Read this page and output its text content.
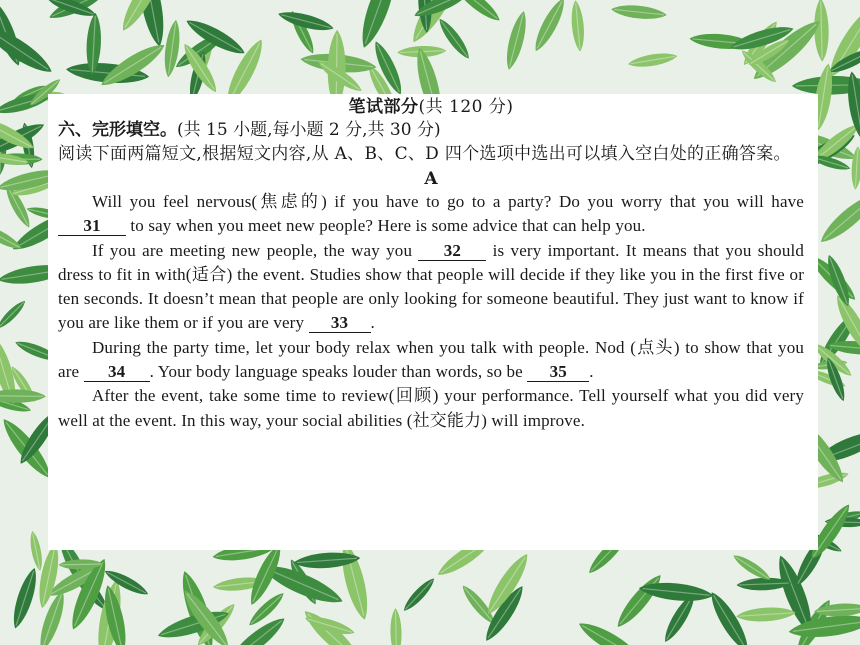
笔试部分(共 120 分)

六、完形填空。(共 15 小题,每小题 2 分,共 30 分)

阅读下面两篇短文,根据短文内容,从 A、B、C、D 四个选项中选出可以填入空白处的正确答案。

A

Will you feel nervous(焦虑的) if you have to go to a party? Do you worry that you will have 31 to say when you meet new people? Here is some advice that can help you.

If you are meeting new people, the way you 32 is very important. It means that you should dress to fit in with(适合) the event. Studies show that people will decide if they like you in the first five or ten seconds. It doesn’t mean that people are only looking for someone beautiful. They just want to know if you are like them or if you are very 33 .

During the party time, let your body relax when you talk with people. Nod (点头) to show that you are 34 . Your body language speaks louder than words, so be 35 .

After the event, take some time to review(回顾) your performance. Tell yourself what you did very well at the event. In this way, your social abilities (社交能力) will improve.
